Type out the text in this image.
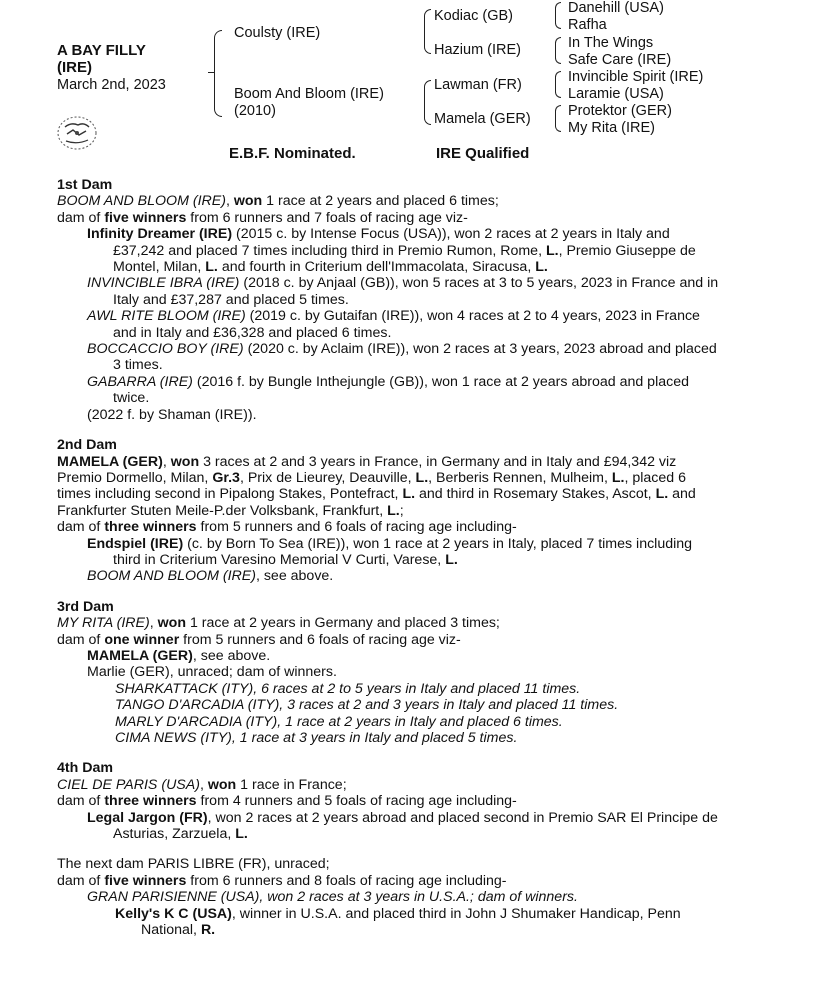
A BAY FILLY
(IRE)
March 2nd, 2023
Coulsty (IRE)
Boom And Bloom (IRE)
(2010)
Kodiac (GB)
Hazium (IRE)
Lawman (FR)
Mamela (GER)
Danehill (USA)
Rafha
In The Wings
Safe Care (IRE)
Invincible Spirit (IRE)
Laramie (USA)
Protektor (GER)
My Rita (IRE)
E.B.F. Nominated.	IRE Qualified
1st Dam
BOOM AND BLOOM (IRE), won 1 race at 2 years and placed 6 times;
dam of five winners from 6 runners and 7 foals of racing age viz-
Infinity Dreamer (IRE) (2015 c. by Intense Focus (USA)), won 2 races at 2 years in Italy and £37,242 and placed 7 times including third in Premio Rumon, Rome, L., Premio Giuseppe de Montel, Milan, L. and fourth in Criterium dell'Immacolata, Siracusa, L.
INVINCIBLE IBRA (IRE) (2018 c. by Anjaal (GB)), won 5 races at 3 to 5 years, 2023 in France and in Italy and £37,287 and placed 5 times.
AWL RITE BLOOM (IRE) (2019 c. by Gutaifan (IRE)), won 4 races at 2 to 4 years, 2023 in France and in Italy and £36,328 and placed 6 times.
BOCCACCIO BOY (IRE) (2020 c. by Aclaim (IRE)), won 2 races at 3 years, 2023 abroad and placed 3 times.
GABARRA (IRE) (2016 f. by Bungle Inthejungle (GB)), won 1 race at 2 years abroad and placed twice.
(2022 f. by Shaman (IRE)).
2nd Dam
MAMELA (GER), won 3 races at 2 and 3 years in France, in Germany and in Italy and £94,342 viz Premio Dormello, Milan, Gr.3, Prix de Lieurey, Deauville, L., Berberis Rennen, Mulheim, L., placed 6 times including second in Pipalong Stakes, Pontefract, L. and third in Rosemary Stakes, Ascot, L. and Frankfurter Stuten Meile-P.der Volksbank, Frankfurt, L.;
dam of three winners from 5 runners and 6 foals of racing age including-
Endspiel (IRE) (c. by Born To Sea (IRE)), won 1 race at 2 years in Italy, placed 7 times including third in Criterium Varesino Memorial V Curti, Varese, L.
BOOM AND BLOOM (IRE), see above.
3rd Dam
MY RITA (IRE), won 1 race at 2 years in Germany and placed 3 times;
dam of one winner from 5 runners and 6 foals of racing age viz-
MAMELA (GER), see above.
Marlie (GER), unraced; dam of winners.
SHARKATTACK (ITY), 6 races at 2 to 5 years in Italy and placed 11 times.
TANGO D'ARCADIA (ITY), 3 races at 2 and 3 years in Italy and placed 11 times.
MARLY D'ARCADIA (ITY), 1 race at 2 years in Italy and placed 6 times.
CIMA NEWS (ITY), 1 race at 3 years in Italy and placed 5 times.
4th Dam
CIEL DE PARIS (USA), won 1 race in France;
dam of three winners from 4 runners and 5 foals of racing age including-
Legal Jargon (FR), won 2 races at 2 years abroad and placed second in Premio SAR El Principe de Asturias, Zarzuela, L.
The next dam PARIS LIBRE (FR), unraced;
dam of five winners from 6 runners and 8 foals of racing age including-
GRAN PARISIENNE (USA), won 2 races at 3 years in U.S.A.; dam of winners.
Kelly's K C (USA), winner in U.S.A. and placed third in John J Shumaker Handicap, Penn National, R.
